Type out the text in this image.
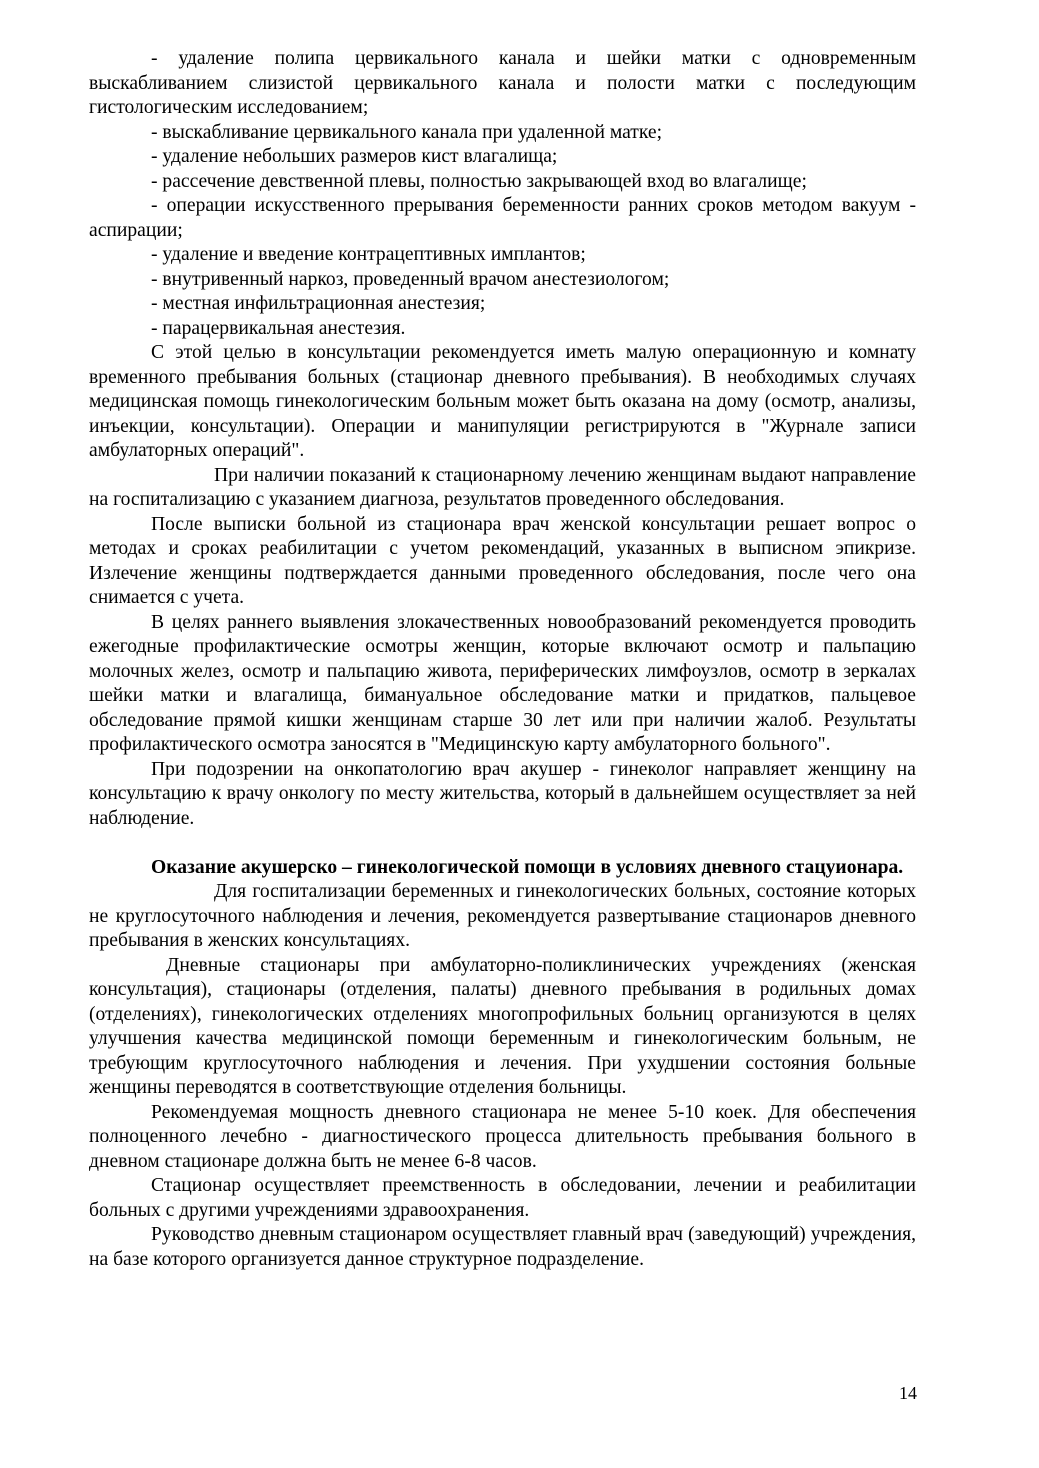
- удаление полипа цервикального канала и шейки матки с одновременным выскабливанием слизистой цервикального канала и полости матки с последующим гистологическим исследованием;

- выскабливание цервикального канала при удаленной матке;

- удаление небольших размеров кист влагалища;

- рассечение девственной плевы, полностью закрывающей вход во влагалище;

- операции искусственного прерывания беременности ранних сроков методом вакуум - аспирации;

- удаление и введение контрацептивных имплантов;

- внутривенный наркоз, проведенный врачом анестезиологом;

- местная инфильтрационная анестезия;

- парацервикальная анестезия.

С этой целью в консультации рекомендуется иметь малую операционную и комнату временного пребывания больных (стационар дневного пребывания). В необходимых случаях медицинская помощь гинекологическим больным может быть оказана на дому (осмотр, анализы, инъекции, консультации). Операции и манипуляции регистрируются в "Журнале записи амбулаторных операций".

При наличии показаний к стационарному лечению женщинам выдают направление на госпитализацию с указанием диагноза, результатов проведенного обследования.

После выписки больной из стационара врач женской консультации решает вопрос о методах и сроках реабилитации с учетом рекомендаций, указанных в выписном эпикризе. Излечение женщины подтверждается данными проведенного обследования, после чего она снимается с учета.

В целях раннего выявления злокачественных новообразований рекомендуется проводить ежегодные профилактические осмотры женщин, которые включают осмотр и пальпацию молочных желез, осмотр и пальпацию живота, периферических лимфоузлов, осмотр в зеркалах шейки матки и влагалища, бимануальное обследование матки и придатков, пальцевое обследование прямой кишки женщинам старше 30 лет или при наличии жалоб. Результаты профилактического осмотра заносятся в "Медицинскую карту амбулаторного больного".

При подозрении на онкопатологию врач акушер - гинеколог направляет женщину на консультацию к врачу онкологу по месту жительства, который в дальнейшем осуществляет за ней наблюдение.

Оказание акушерско – гинекологической помощи в условиях дневного стацуионара.

Для госпитализации беременных и гинекологических больных, состояние которых не круглосуточного наблюдения и лечения, рекомендуется развертывание стационаров дневного пребывания в женских консультациях.

Дневные стационары при амбулаторно-поликлинических учреждениях (женская консультация), стационары (отделения, палаты) дневного пребывания в родильных домах (отделениях), гинекологических отделениях многопрофильных больниц организуются в целях улучшения качества медицинской помощи беременным и гинекологическим больным, не требующим круглосуточного наблюдения и лечения. При ухудшении состояния больные женщины переводятся в соответствующие отделения больницы.

Рекомендуемая мощность дневного стационара не менее 5-10 коек. Для обеспечения полноценного лечебно - диагностического процесса длительность пребывания больного в дневном стационаре должна быть не менее 6-8 часов.

Стационар осуществляет преемственность в обследовании, лечении и реабилитации больных с другими учреждениями здравоохранения.

Руководство дневным стационаром осуществляет главный врач (заведующий) учреждения, на базе которого организуется данное структурное подразделение.

14
